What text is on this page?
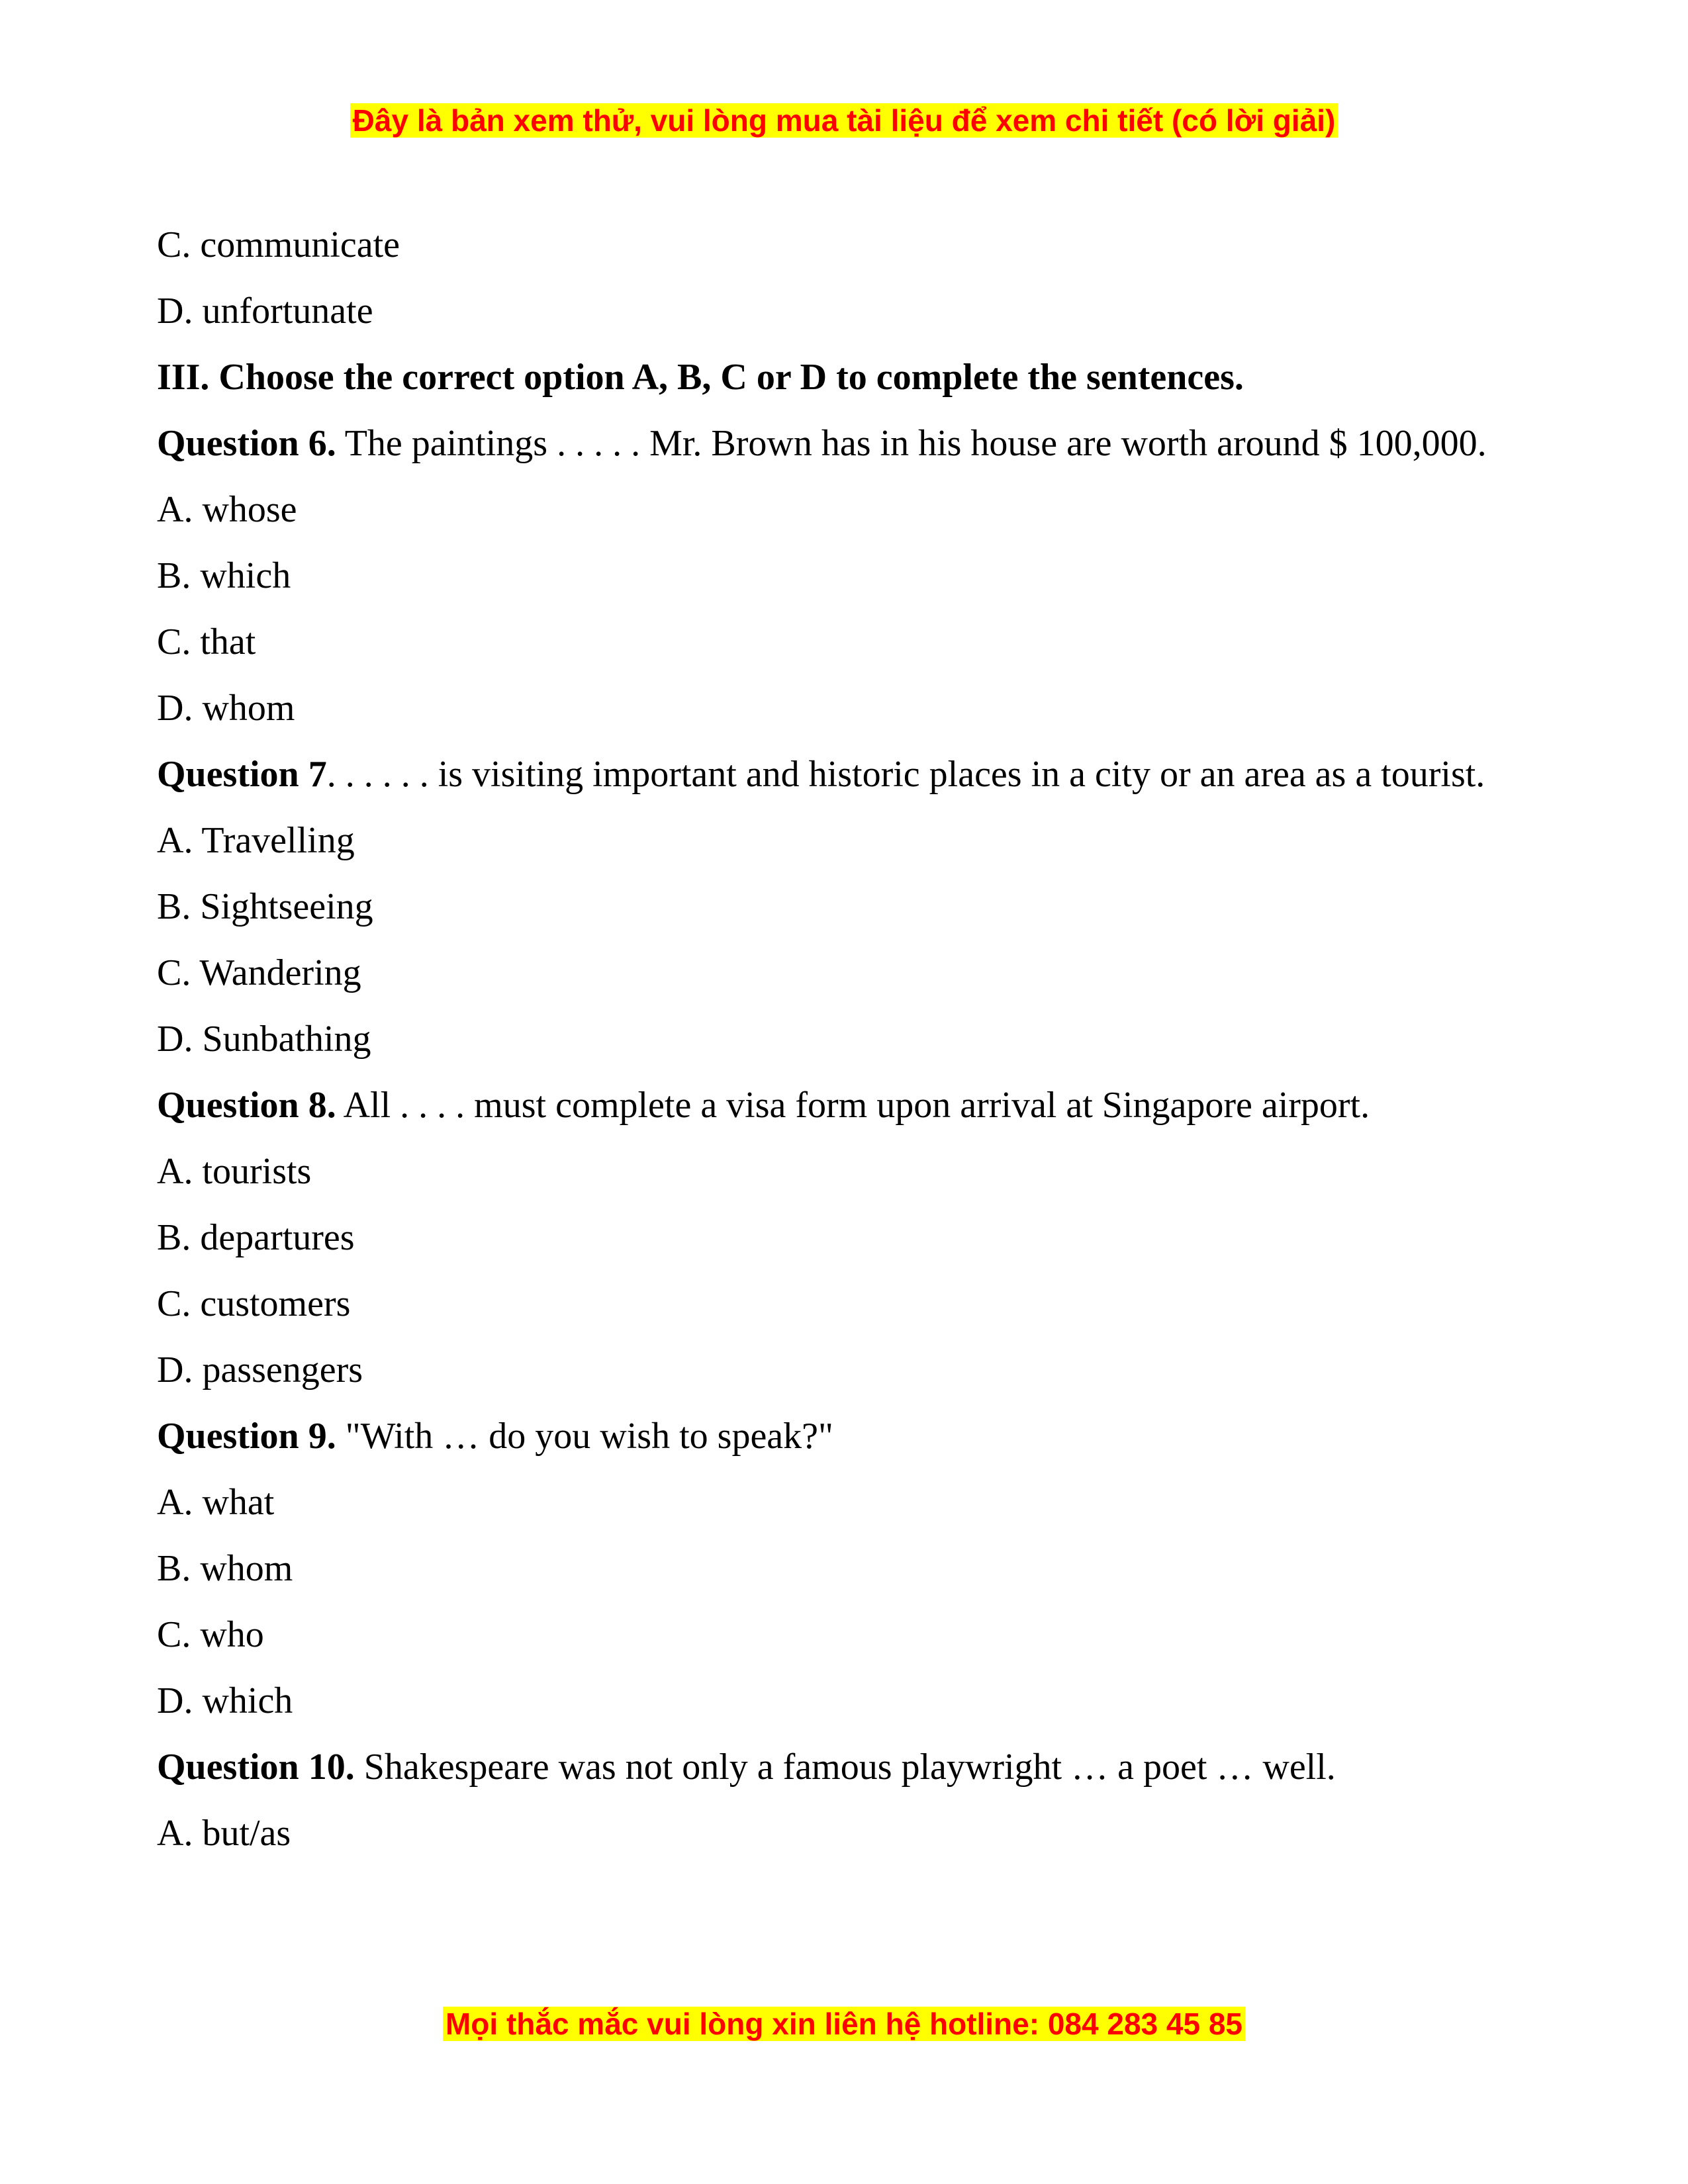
Đây là bản xem thử, vui lòng mua tài liệu để xem chi tiết (có lời giải)
C. communicate
D. unfortunate
III. Choose the correct option A, B, C or D to complete the sentences.
Question 6. The paintings . . . . . Mr. Brown has in his house are worth around $ 100,000.
A. whose
B. which
C. that
D. whom
Question 7. . . . . . is visiting important and historic places in a city or an area as a tourist.
A. Travelling
B. Sightseeing
C. Wandering
D. Sunbathing
Question 8. All . . . . must complete a visa form upon arrival at Singapore airport.
A. tourists
B. departures
C. customers
D. passengers
Question 9. "With … do you wish to speak?"
A. what
B. whom
C. who
D. which
Question 10. Shakespeare was not only a famous playwright … a poet … well.
A. but/as
Mọi thắc mắc vui lòng xin liên hệ hotline: 084 283 45 85
